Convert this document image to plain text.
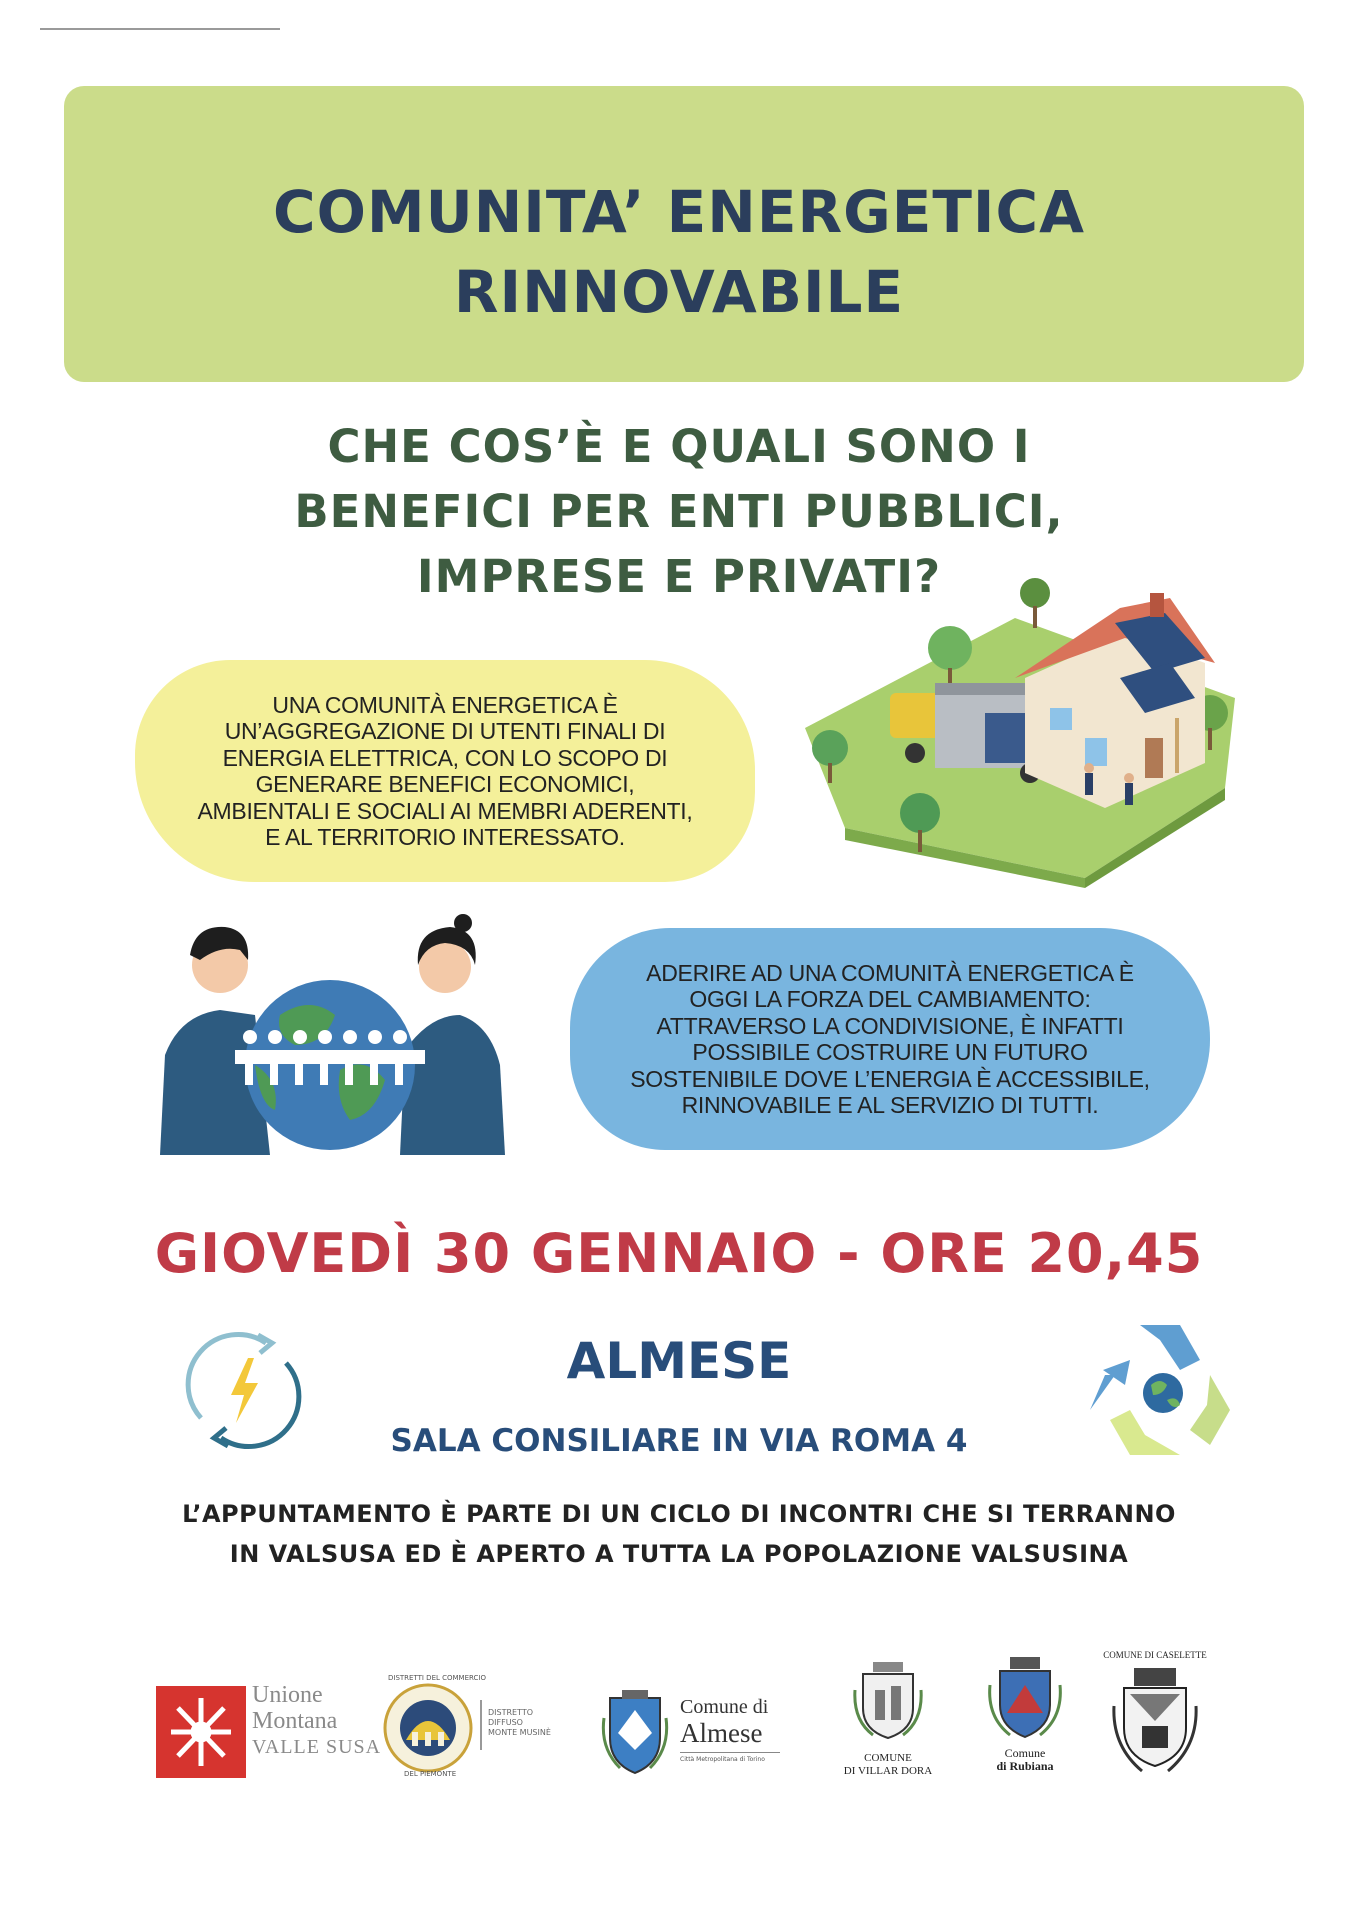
COMUNITA’ ENERGETICA
RINNOVABILE
CHE COS’È E QUALI SONO I
BENEFICI PER ENTI PUBBLICI,
IMPRESE E PRIVATI?

UNA COMUNITÀ ENERGETICA È
UN’AGGREGAZIONE DI UTENTI FINALI DI
ENERGIA ELETTRICA, CON LO SCOPO DI
GENERARE BENEFICI ECONOMICI,
AMBIENTALI E SOCIALI AI MEMBRI ADERENTI,
E AL TERRITORIO INTERESSATO.

ADERIRE AD UNA COMUNITÀ ENERGETICA È
OGGI LA FORZA DEL CAMBIAMENTO:
ATTRAVERSO LA CONDIVISIONE, È INFATTI
POSSIBILE COSTRUIRE UN FUTURO
SOSTENIBILE DOVE L’ENERGIA È ACCESSIBILE,
RINNOVABILE E AL SERVIZIO DI TUTTI.

GIOVEDÌ 30 GENNAIO - ORE 20,45
ALMESE
SALA CONSILIARE IN VIA ROMA 4
L’APPUNTAMENTO È PARTE DI UN CICLO DI INCONTRI CHE SI TERRANNO
IN VALSUSA ED È APERTO A TUTTA LA POPOLAZIONE VALSUSINA
Unione
Montana
VALLE SUSA
DISTRETTI DEL COMMERCIO
DEL PIEMONTE
DISTRETTO
DIFFUSO
MONTE MUSINÈ
Comune di
Almese
Città Metropolitana di Torino	COMUNE
DI VILLAR DORA
Comune
di Rubiana
COMUNE DI CASELETTE
